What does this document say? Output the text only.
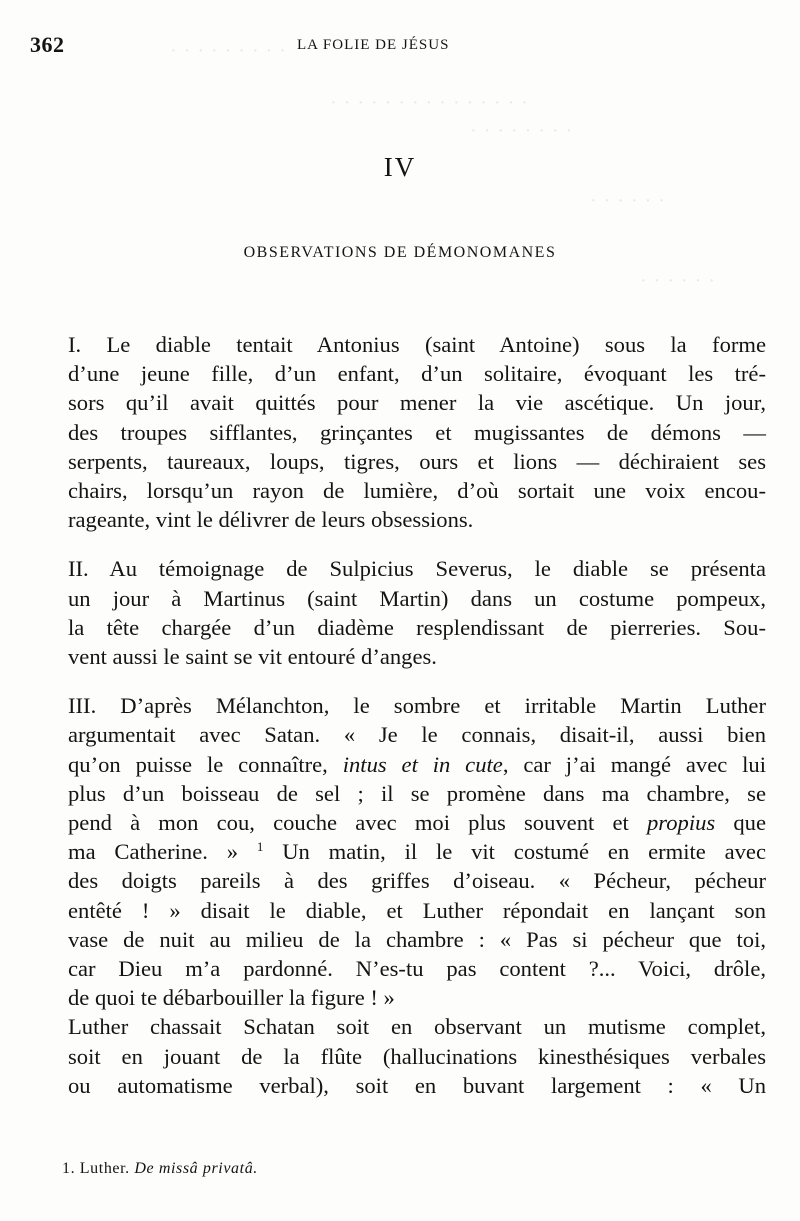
· · · · · · · · ·
· · · · · · · · · · · · · · ·
· · · · · · · ·
· · · · · ·
· · · · · ·
362	LA FOLIE DE JÉSUS
IV
OBSERVATIONS DE DÉMONOMANES

I. Le diable tentait Antonius (saint Antoine) sous la forme
d’une jeune fille, d’un enfant, d’un solitaire, évoquant les tré-
sors qu’il avait quittés pour mener la vie ascétique. Un jour,
des troupes sifflantes, grinçantes et mugissantes de démons —
serpents, taureaux, loups, tigres, ours et lions — déchiraient ses
chairs, lorsqu’un rayon de lumière, d’où sortait une voix encou-
rageante, vint le délivrer de leurs obsessions.

II. Au témoignage de Sulpicius Severus, le diable se présenta
un jour à Martinus (saint Martin) dans un costume pompeux,
la tête chargée d’un diadème resplendissant de pierreries. Sou-
vent aussi le saint se vit entouré d’anges.

III. D’après Mélanchton, le sombre et irritable Martin Luther
argumentait avec Satan. « Je le connais, disait-il, aussi bien
qu’on puisse le connaître, intus et in cute, car j’ai mangé avec lui
plus d’un boisseau de sel ; il se promène dans ma chambre, se
pend à mon cou, couche avec moi plus souvent et propius que
ma Catherine. » $^1$ Un matin, il le vit costumé en ermite avec
des doigts pareils à des griffes d’oiseau. « Pécheur, pécheur
entêté ! » disait le diable, et Luther répondait en lançant son
vase de nuit au milieu de la chambre : « Pas si pécheur que toi,
car Dieu m’a pardonné. N’es-tu pas content ?... Voici, drôle,
de quoi te débarbouiller la figure ! »

Luther chassait Schatan soit en observant un mutisme complet,
soit en jouant de la flûte (hallucinations kinesthésiques verbales
ou automatisme verbal), soit en buvant largement : « Un

1. Luther. De missâ privatâ.
